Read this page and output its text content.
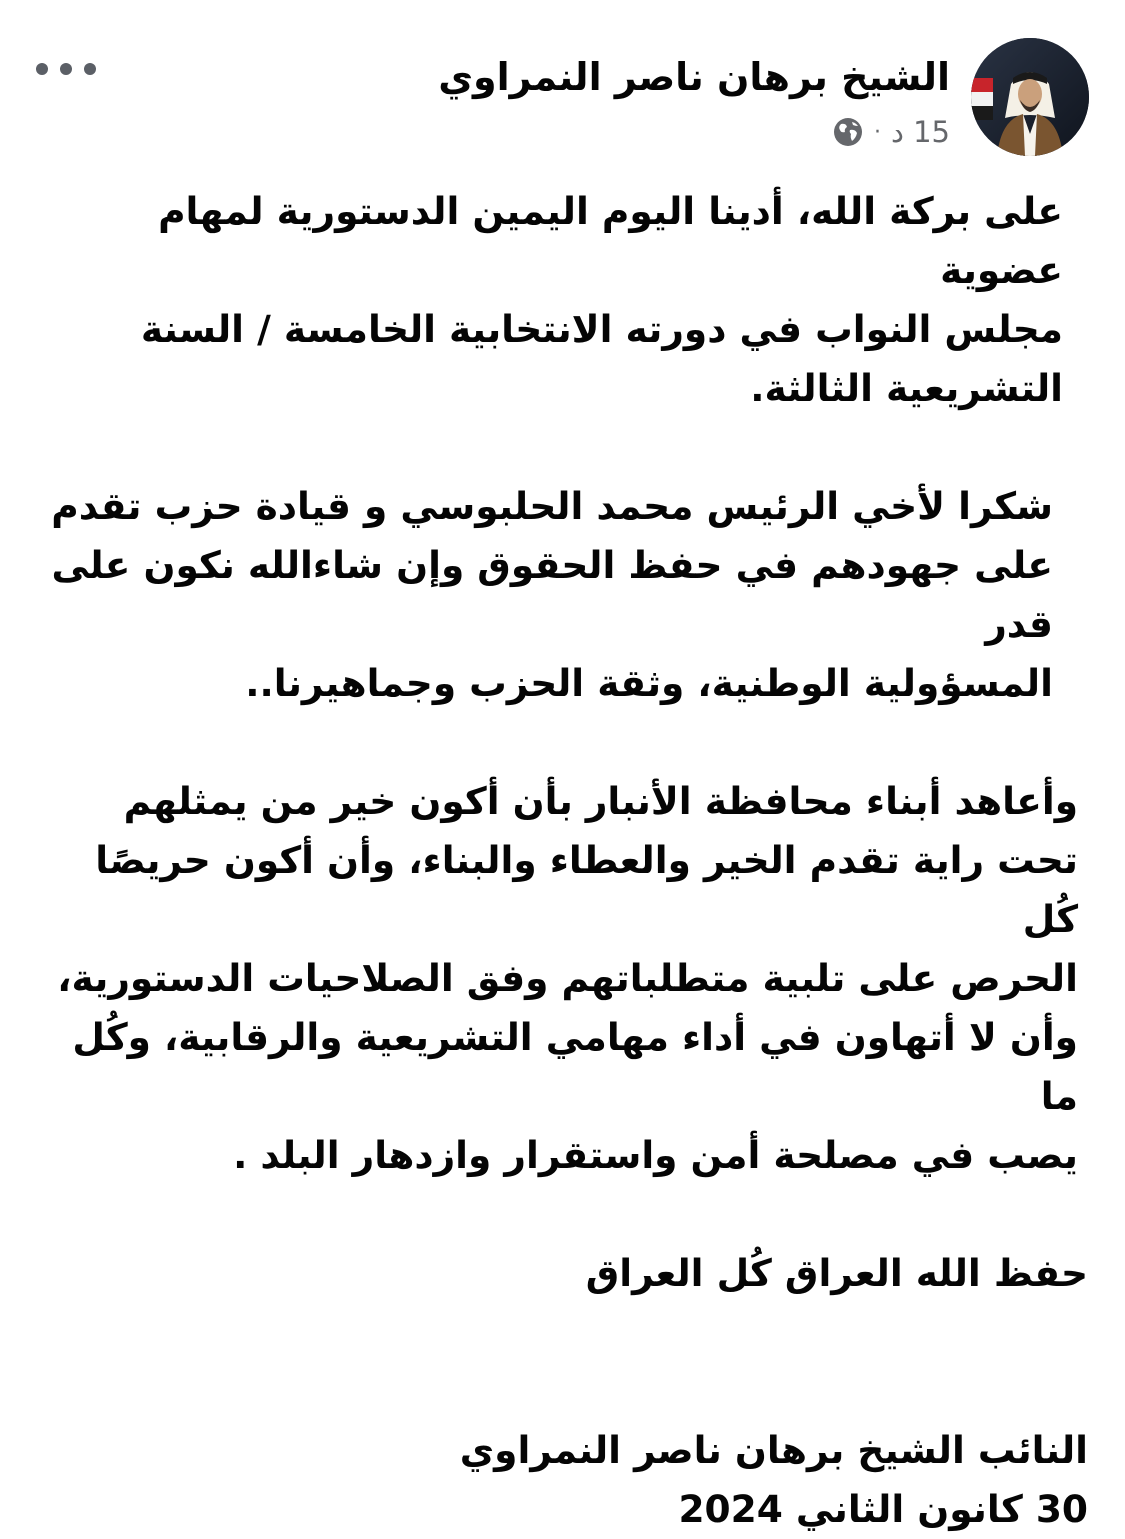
الشيخ برهان ناصر النمراوي
15 د
·

على بركة الله، أدينا اليوم اليمين الدستورية لمهام عضوية
مجلس النواب في دورته الانتخابية الخامسة / السنة
التشريعية الثالثة.

شكرا لأخي الرئيس محمد الحلبوسي و قيادة حزب تقدم
على جهودهم في حفظ الحقوق وإن شاءالله نكون على قدر
المسؤولية الوطنية، وثقة الحزب وجماهيرنا..

وأعاهد أبناء محافظة الأنبار بأن أكون خير من يمثلهم
تحت راية تقدم الخير والعطاء والبناء، وأن أكون حريصًا كُل
الحرص على تلبية متطلباتهم وفق الصلاحيات الدستورية،
وأن لا أتهاون في أداء مهامي التشريعية والرقابية، وكُل ما
يصب في مصلحة أمن واستقرار وازدهار البلد .

حفظ الله العراق كُل العراق

النائب الشيخ برهان ناصر النمراوي

30 كانون الثاني 2024
